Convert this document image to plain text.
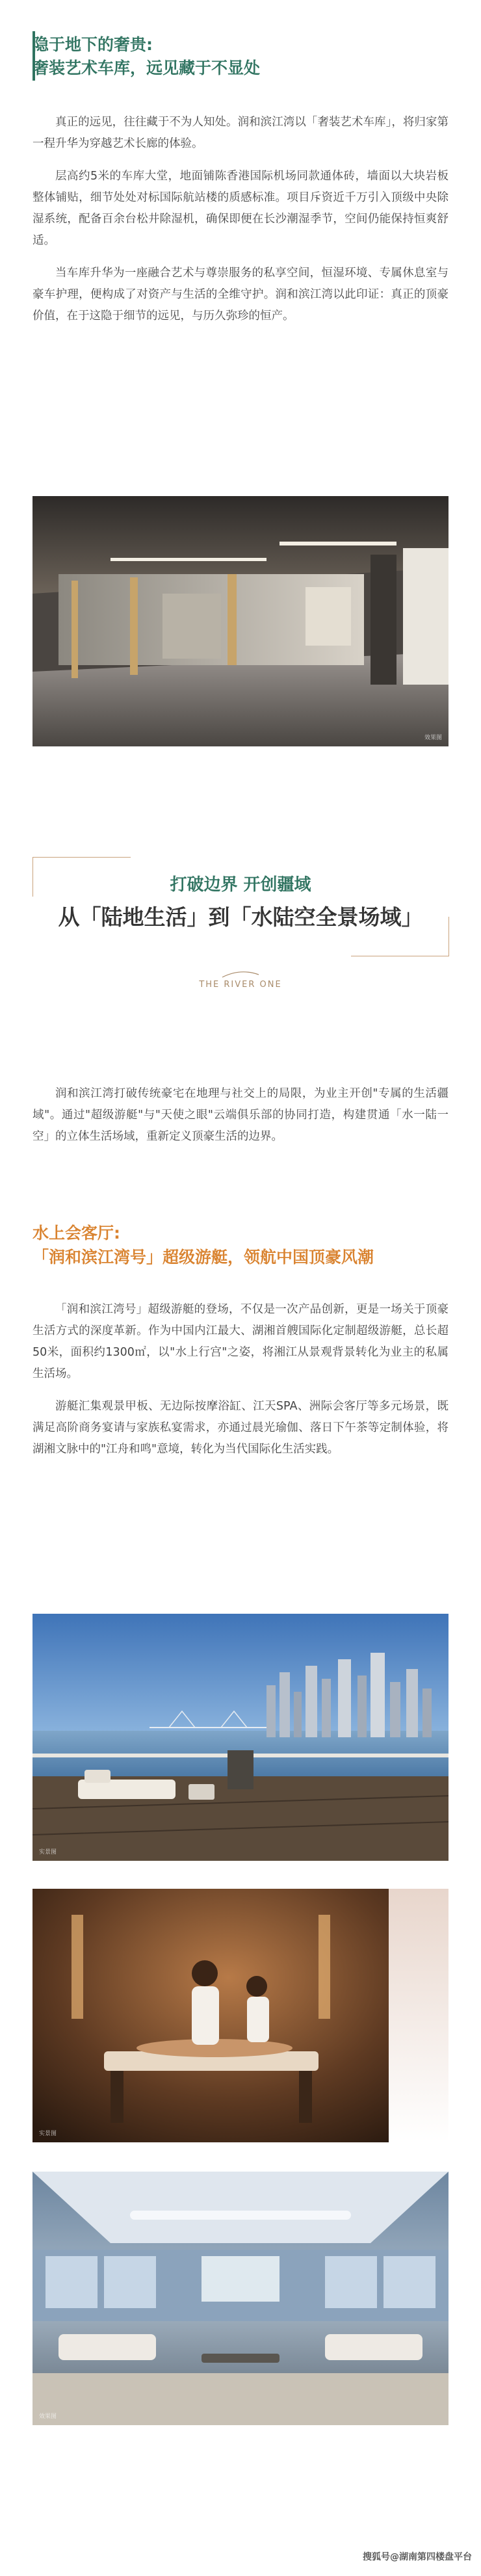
隐于地下的奢贵:
奢装艺术车库，远见藏于不显处

真正的远见，往往藏于不为人知处。润和滨江湾以「奢装艺术车库」，将归家第一程升华为穿越艺术长廊的体验。

层高约5米的车库大堂，地面铺陈香港国际机场同款通体砖，墙面以大块岩板整体铺贴，细节处处对标国际航站楼的质感标准。项目斥资近千万引入顶级中央除湿系统，配备百余台松井除湿机，确保即便在长沙潮湿季节，空间仍能保持恒爽舒适。

当车库升华为一座融合艺术与尊崇服务的私享空间，恒湿环境、专属休息室与豪车护理，便构成了对资产与生活的全维守护。润和滨江湾以此印证：真正的顶豪价值，在于这隐于细节的远见，与历久弥珍的恒产。

效果图
打破边界 开创疆域
从「陆地生活」到「水陆空全景场域」
THE RIVER ONE

润和滨江湾打破传统豪宅在地理与社交上的局限，为业主开创"专属的生活疆域"。通过"超级游艇"与"天使之眼"云端俱乐部的协同打造，构建贯通「水一陆一空」的立体生活场域，重新定义顶豪生活的边界。

水上会客厅:
「润和滨江湾号」超级游艇，领航中国顶豪风潮

「润和滨江湾号」超级游艇的登场，不仅是一次产品创新，更是一场关于顶豪生活方式的深度革新。作为中国内江最大、湖湘首艘国际化定制超级游艇，总长超50米，面积约1300㎡，以"水上行宫"之姿，将湘江从景观背景转化为业主的私属生活场。

游艇汇集观景甲板、无边际按摩浴缸、江天SPA、洲际会客厅等多元场景，既满足高阶商务宴请与家族私宴需求，亦通过晨光瑜伽、落日下午茶等定制体验，将湖湘文脉中的"江舟和鸣"意境，转化为当代国际化生活实践。

实景图
实景图
效果图
搜狐号@湖南第四楼盘平台
